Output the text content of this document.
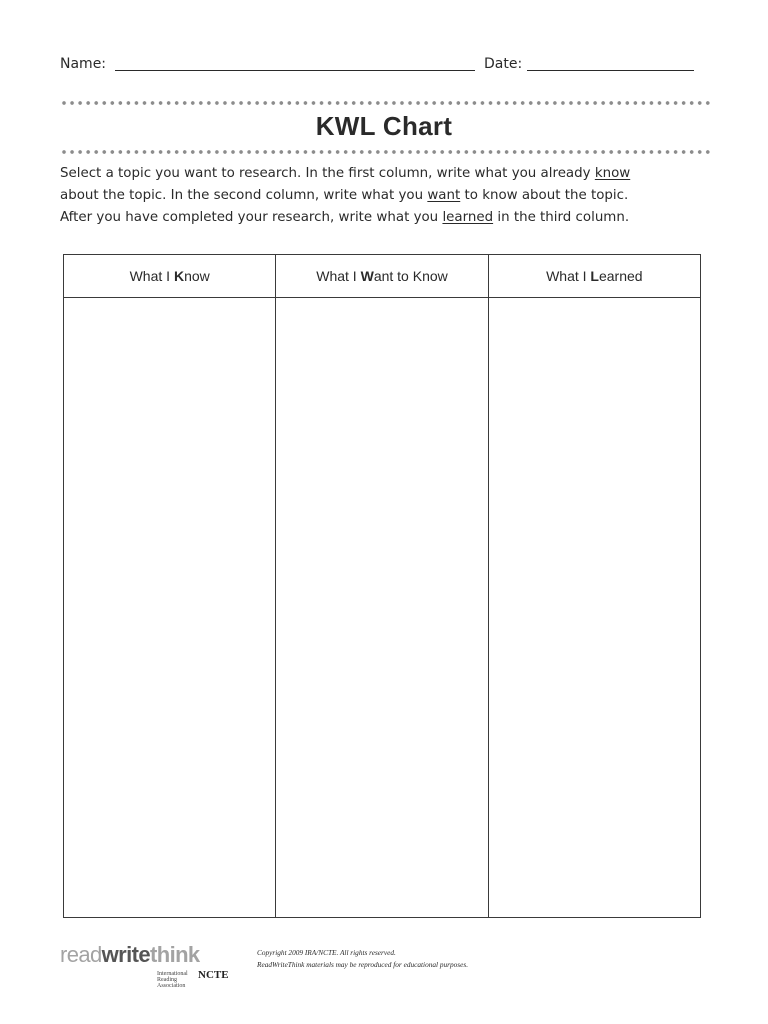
Name:	Date:
KWL Chart
Select a topic you want to research. In the first column, write what you already know
about the topic. In the second column, write what you want to know about the topic.
After you have completed your research, write what you learned in the third column.
What I Know	What I Want to Know	What I Learned

readwritethink
International
Reading
Association
NCTE
Copyright 2009 IRA/NCTE. All rights reserved.
ReadWriteThink materials may be reproduced for educational purposes.
